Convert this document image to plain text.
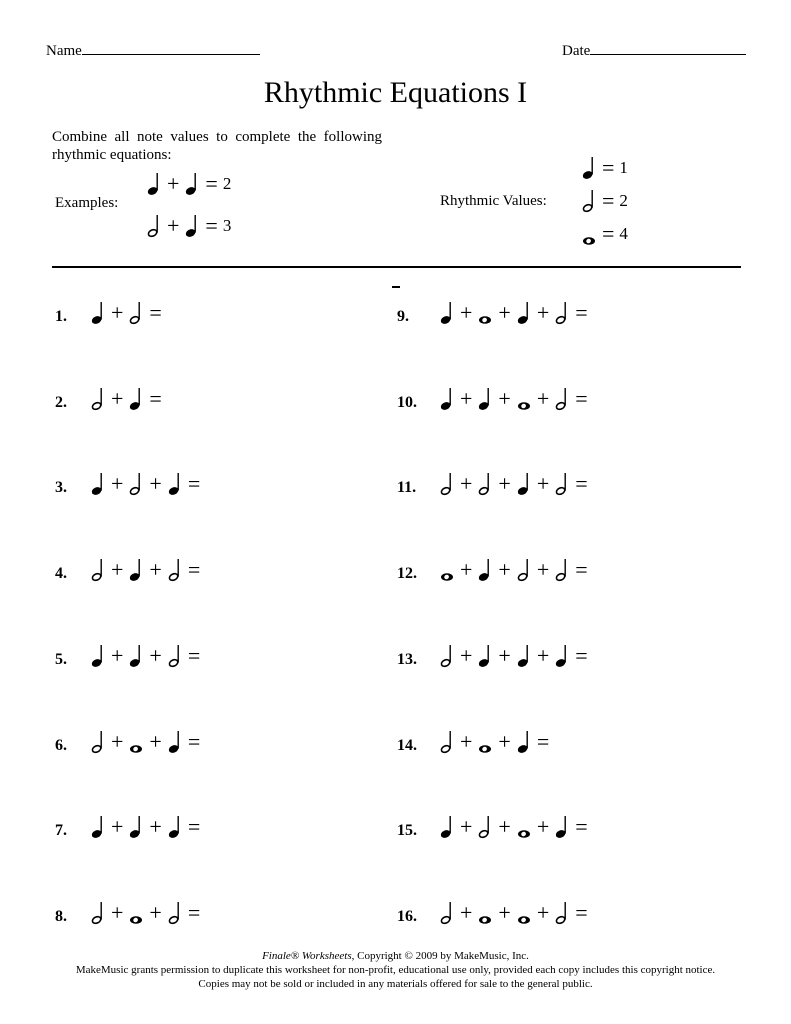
Name	Date
Rhythmic Equations I
Combine all note values to complete the following rhythmic equations:
Examples:
+ = 2
+ = 3
Rhythmic Values:
= 1
= 2
= 4
1.	+ =
2.	+ =
3.	+ + =
4.	+ + =
5.	+ + =
6.	+ + =
7.	+ + =
8.	+ + =
9.	+ + + =
10.	+ + + =
11.	+ + + =
12.	+ + + =
13.	+ + + =
14.	+ + =
15.	+ + + =
16.	+ + + =
Finale® Worksheets, Copyright © 2009 by MakeMusic, Inc.
MakeMusic grants permission to duplicate this worksheet for non-profit, educational use only, provided each copy includes this copyright notice.
Copies may not be sold or included in any materials offered for sale to the general public.
